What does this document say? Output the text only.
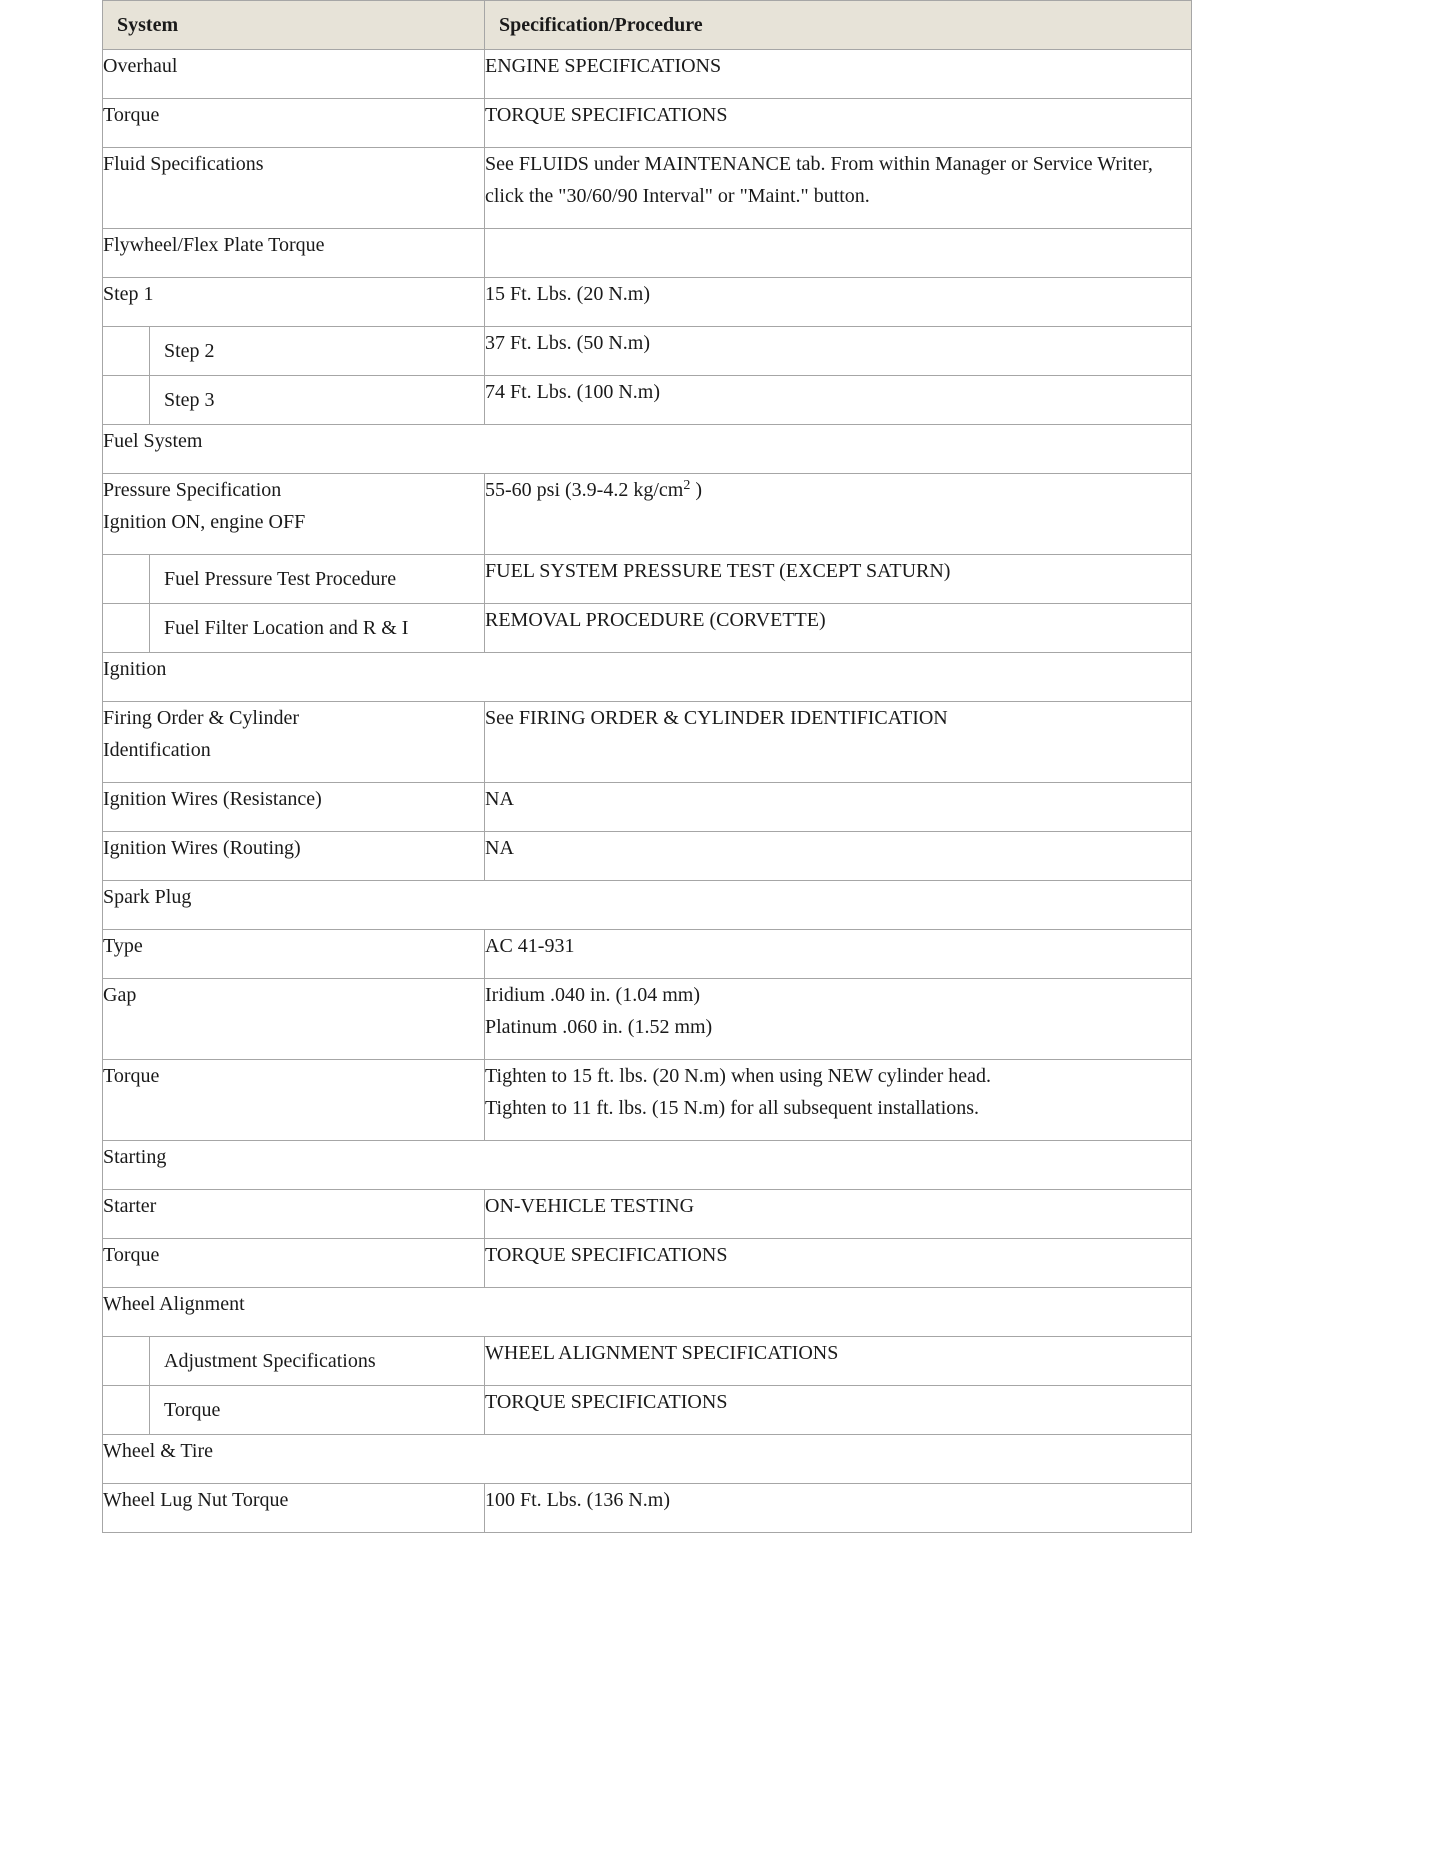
System	Specification/Procedure
Overhaul	ENGINE SPECIFICATIONS
Torque	TORQUE SPECIFICATIONS
Fluid Specifications	See FLUIDS under MAINTENANCE tab. From within Manager or Service Writer, click the "30/60/90 Interval" or "Maint." button.
Flywheel/Flex Plate Torque	
Step 1	15 Ft. Lbs. (20 N.m)

Step 2	37 Ft. Lbs. (50 N.m)

Step 3	74 Ft. Lbs. (100 N.m)
Fuel System	

Pressure Specification
Ignition ON, engine OFF	55-60 psi (3.9-4.2 $kg/cm^2$ )

Fuel Pressure Test Procedure	FUEL SYSTEM PRESSURE TEST (EXCEPT SATURN)

Fuel Filter Location and R & I	REMOVAL PROCEDURE (CORVETTE)
Ignition	

Firing Order & Cylinder
Identification	See FIRING ORDER & CYLINDER IDENTIFICATION
Ignition Wires (Resistance)	NA
Ignition Wires (Routing)	NA
Spark Plug	
Type	AC 41-931
Gap	Iridium .040 in. (1.04 mm)
Platinum .060 in. (1.52 mm)

Torque	Tighten to 15 ft. lbs. (20 N.m) when using NEW cylinder head.
Tighten to 11 ft. lbs. (15 N.m) for all subsequent installations.

Starting	
Starter	ON-VEHICLE TESTING
Torque	TORQUE SPECIFICATIONS
Wheel Alignment	

Adjustment Specifications	WHEEL ALIGNMENT SPECIFICATIONS

Torque	TORQUE SPECIFICATIONS
Wheel & Tire	
Wheel Lug Nut Torque	100 Ft. Lbs. (136 N.m)
